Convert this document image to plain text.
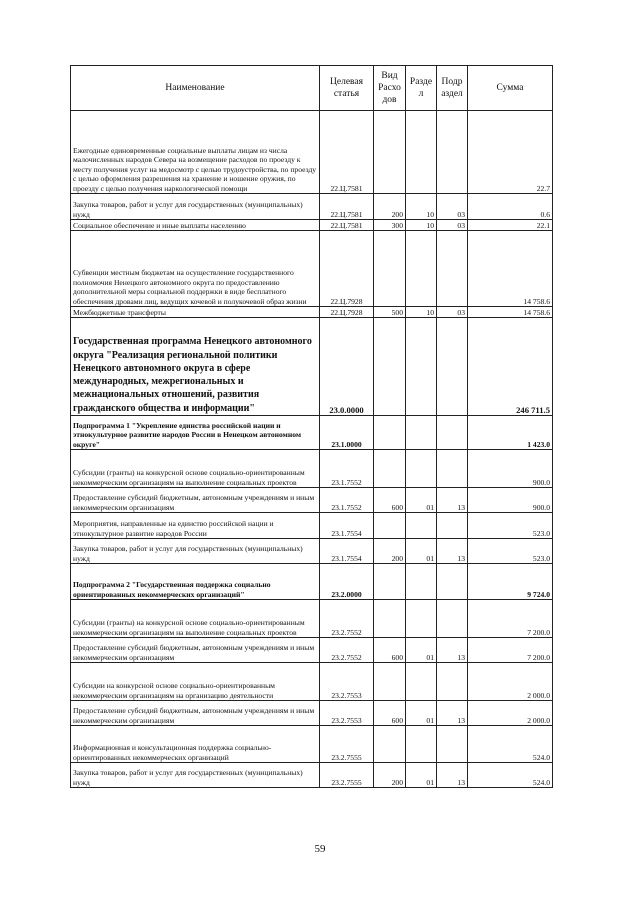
Наименование	Целевая статья	Вид Расхо дов	Разде л	Подр аздел	Сумма
Ежегодные единовременные социальные выплаты лицам из числа малочисленных народов Севера на возмещение расходов по проезду к месту получения услуг на медосмотр с целью трудоустройства, по проезду с целью оформления разрешения на хранение и ношение оружия, по проезду с целью получения наркологической помощи	22.Ц.7581				22.7
Закупка товаров, работ и услуг для государственных (муниципальных) нужд	22.Ц.7581	200	10	03	0.6
Социальное обеспечение и иные выплаты населению	22.Ц.7581	300	10	03	22.1
Субвенции местным бюджетам на осуществление государственного полномочия Ненецкого автономного округа по предоставлению дополнительной меры социальной поддержки в виде бесплатного обеспечения дровами лиц, ведущих кочевой и полукочевой образ жизни	22.Ц.7928				14 758.6
Межбюджетные трансферты	22.Ц.7928	500	10	03	14 758.6
Государственная программа Ненецкого автономного округа "Реализация региональной политики Ненецкого автономного округа в сфере международных, межрегиональных и межнациональных отношений, развития гражданского общества и информации"	23.0.0000				246 711.5
Подпрограмма 1 "Укрепление единства российской нации и этнокультурное развитие народов России в Ненецком автономном округе"	23.1.0000				1 423.0
Субсидии (гранты) на конкурсной основе социально-ориентированным некоммерческим организациям на выполнение социальных проектов	23.1.7552				900.0
Предоставление субсидий бюджетным, автономным учреждениям и иным некоммерческим организациям	23.1.7552	600	01	13	900.0
Мероприятия, направленные на единство российской нации и этнокультурное развитие народов России	23.1.7554				523.0
Закупка товаров, работ и услуг для государственных (муниципальных) нужд	23.1.7554	200	01	13	523.0
Подпрограмма 2 "Государственная поддержка социально ориентированных некоммерческих организаций"	23.2.0000				9 724.0
Субсидии (гранты) на конкурсной основе социально-ориентированным некоммерческим организациям на выполнение социальных проектов	23.2.7552				7 200.0
Предоставление субсидий бюджетным, автономным учреждениям и иным некоммерческим организациям	23.2.7552	600	01	13	7 200.0
Субсидии на конкурсной основе социально-ориентированным некоммерческим организациям на организацию деятельности	23.2.7553				2 000.0
Предоставление субсидий бюджетным, автономным учреждениям и иным некоммерческим организациям	23.2.7553	600	01	13	2 000.0
Информационная и консультационная поддержка социально-ориентированных некоммерческих организаций	23.2.7555				524.0
Закупка товаров, работ и услуг для государственных (муниципальных) нужд	23.2.7555	200	01	13	524.0
59
